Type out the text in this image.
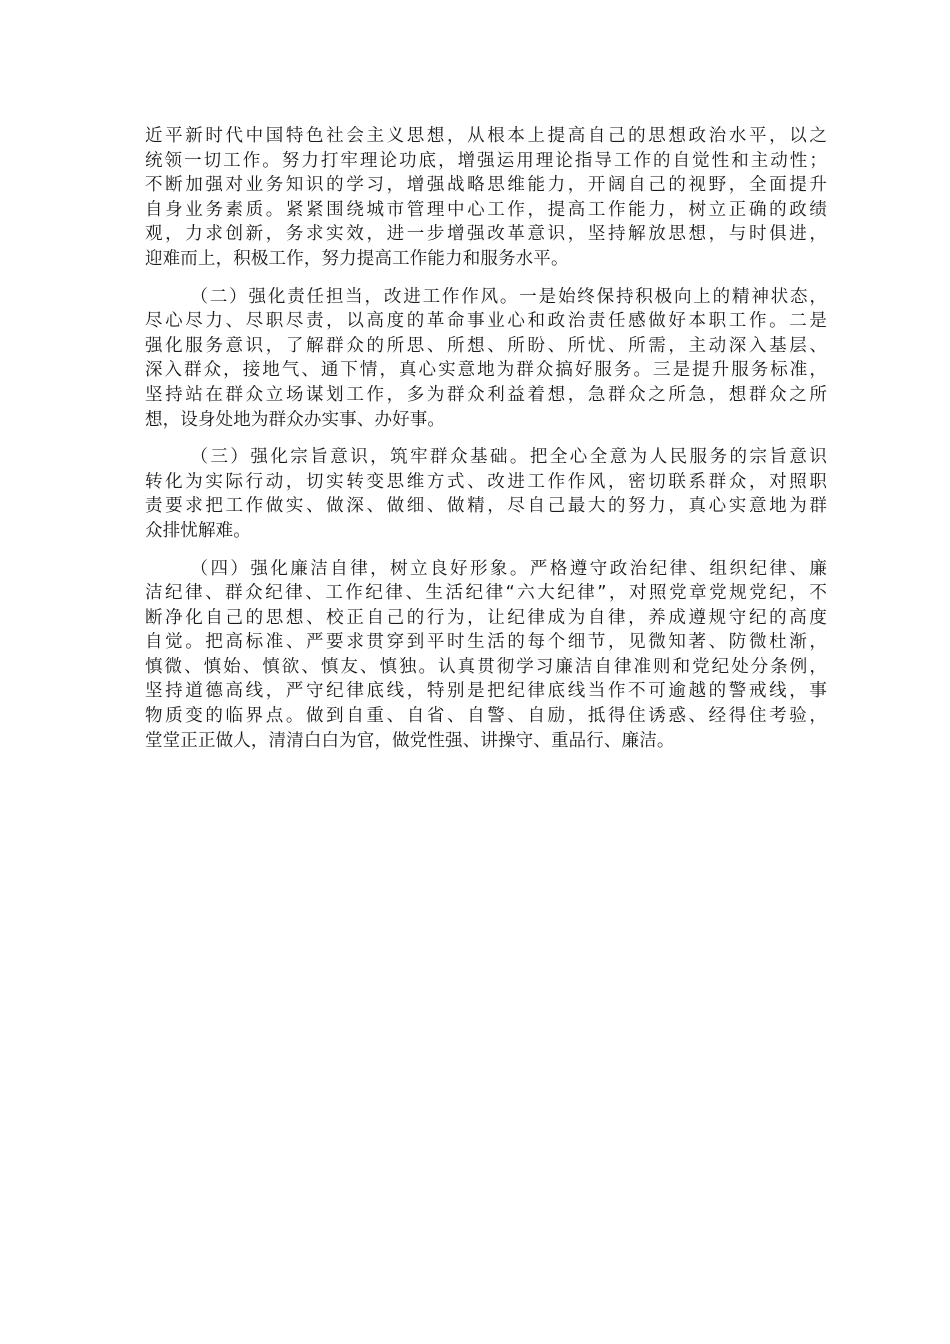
近平新时代中国特色社会主义思想，从根本上提高自己的思想政治水平，以之
统领一切工作。努力打牢理论功底，增强运用理论指导工作的自觉性和主动性；
不断加强对业务知识的学习，增强战略思维能力，开阔自己的视野，全面提升
自身业务素质。紧紧围绕城市管理中心工作，提高工作能力，树立正确的政绩
观，力求创新，务求实效，进一步增强改革意识，坚持解放思想，与时俱进，
迎难而上，积极工作，努力提高工作能力和服务水平。

（二）强化责任担当，改进工作作风。一是始终保持积极向上的精神状态，
尽心尽力、尽职尽责，以高度的革命事业心和政治责任感做好本职工作。二是
强化服务意识，了解群众的所思、所想、所盼、所忧、所需，主动深入基层、
深入群众，接地气、通下情，真心实意地为群众搞好服务。三是提升服务标准，
坚持站在群众立场谋划工作，多为群众利益着想，急群众之所急，想群众之所
想，设身处地为群众办实事、办好事。

（三）强化宗旨意识，筑牢群众基础。把全心全意为人民服务的宗旨意识
转化为实际行动，切实转变思维方式、改进工作作风，密切联系群众，对照职
责要求把工作做实、做深、做细、做精，尽自己最大的努力，真心实意地为群
众排忧解难。

（四）强化廉洁自律，树立良好形象。严格遵守政治纪律、组织纪律、廉
洁纪律、群众纪律、工作纪律、生活纪律“六大纪律”，对照党章党规党纪，不
断净化自己的思想、校正自己的行为，让纪律成为自律，养成遵规守纪的高度
自觉。把高标准、严要求贯穿到平时生活的每个细节，见微知著、防微杜渐，
慎微、慎始、慎欲、慎友、慎独。认真贯彻学习廉洁自律准则和党纪处分条例，
坚持道德高线，严守纪律底线，特别是把纪律底线当作不可逾越的警戒线，事
物质变的临界点。做到自重、自省、自警、自励，抵得住诱惑、经得住考验，
堂堂正正做人，清清白白为官，做党性强、讲操守、重品行、廉洁。
